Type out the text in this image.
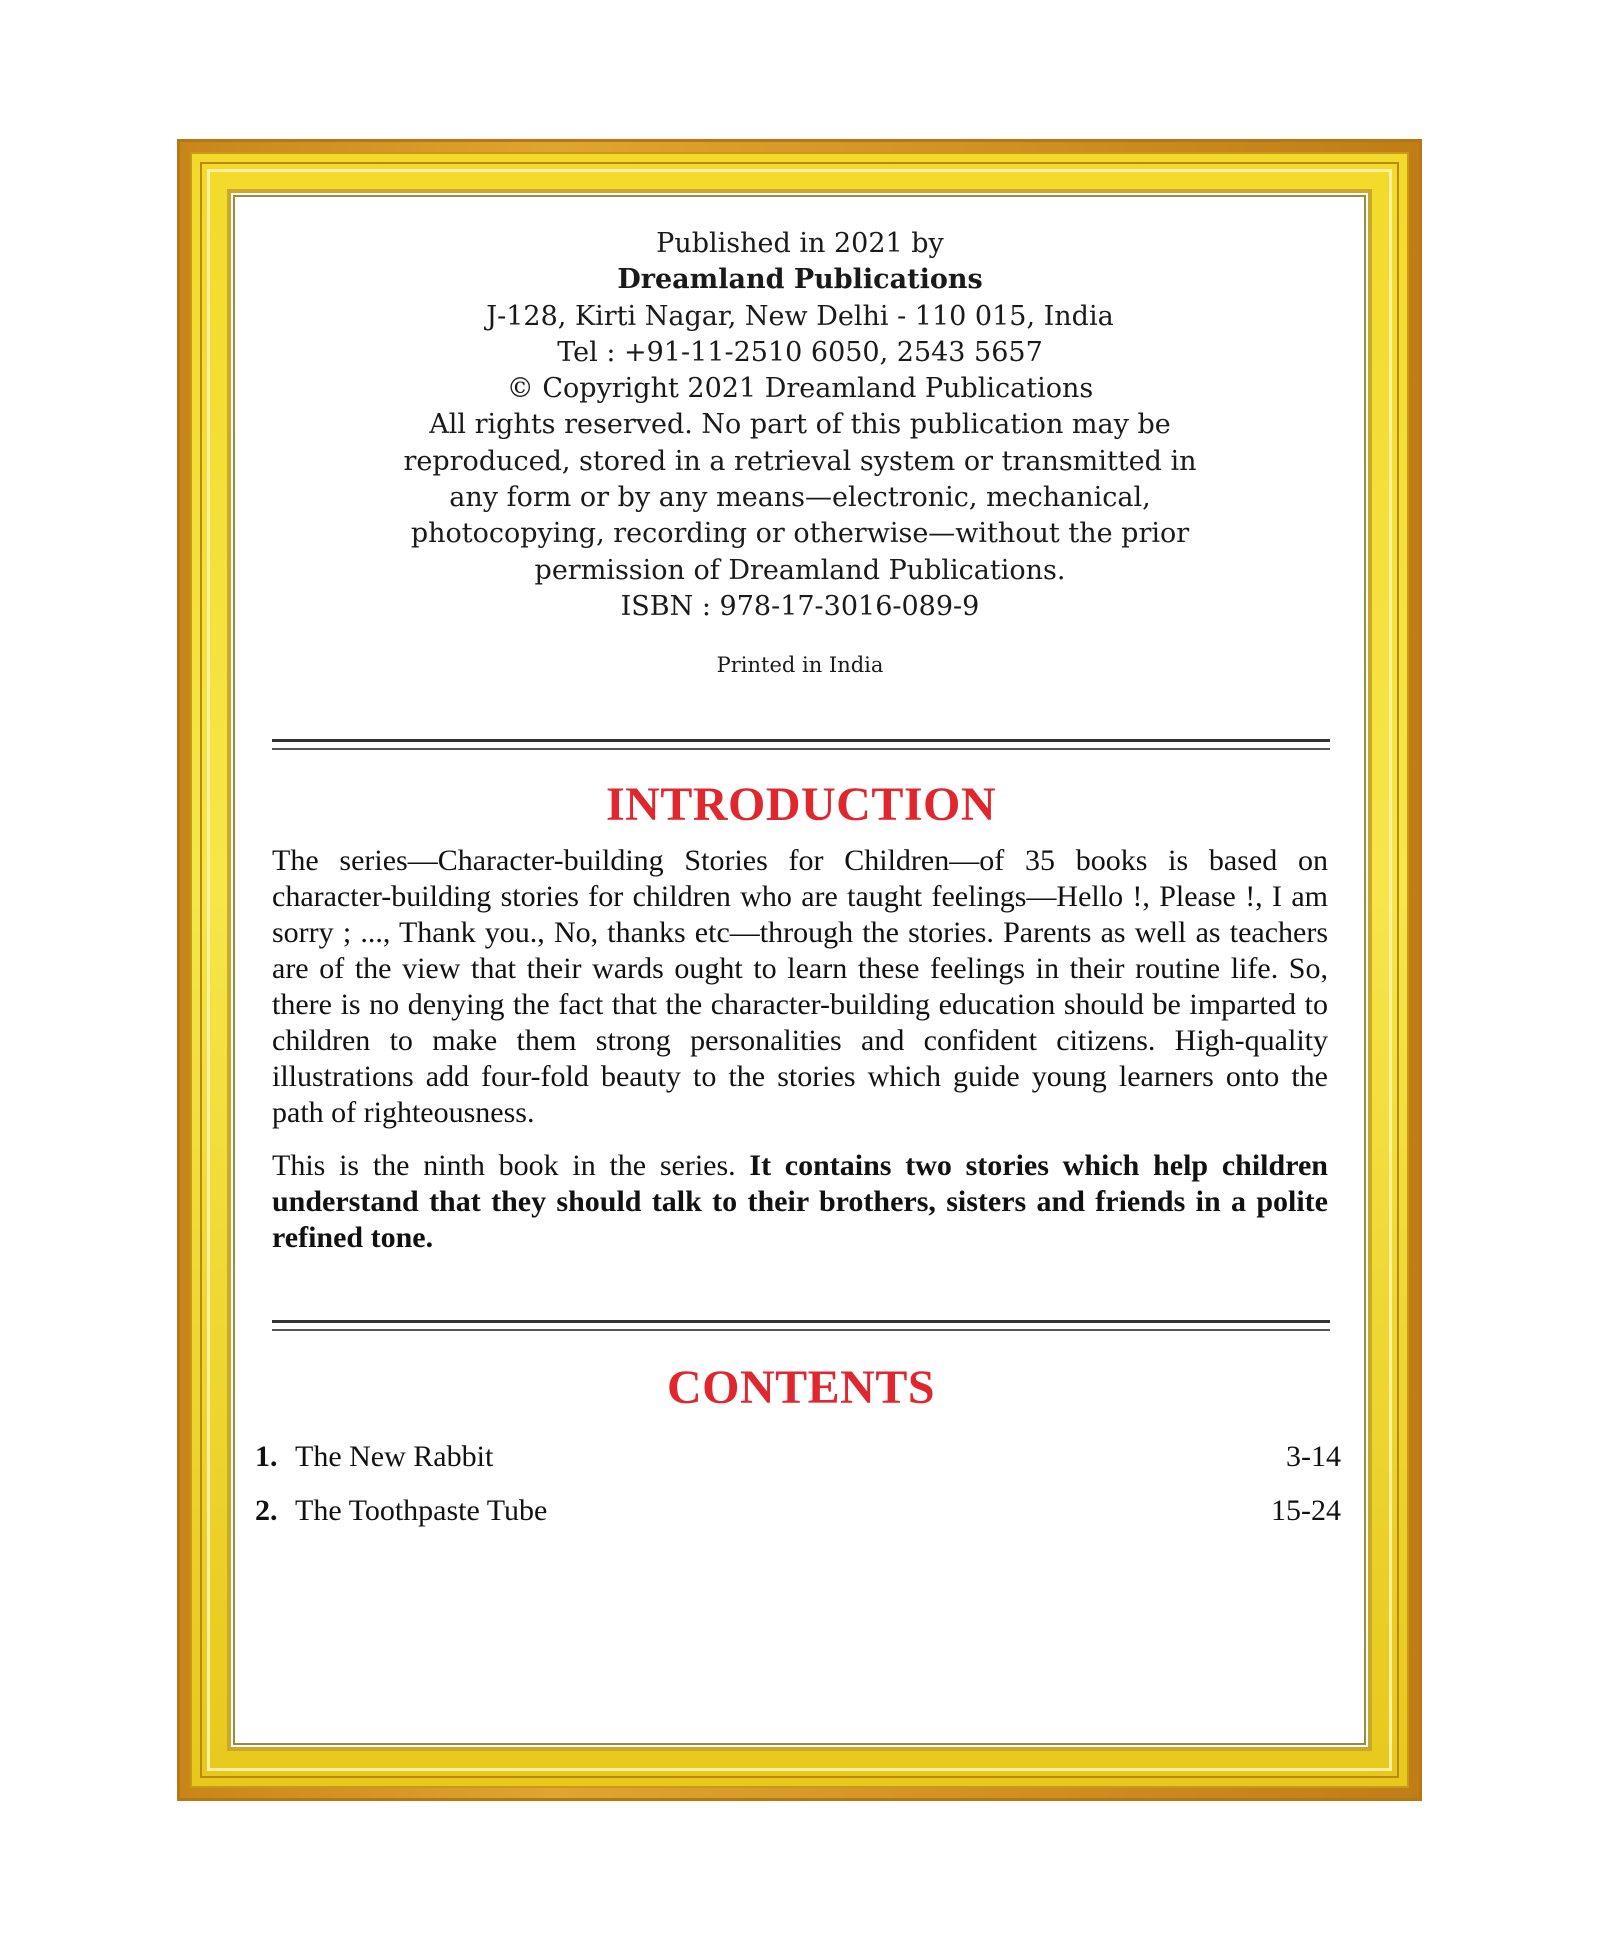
Published in 2021 by
Dreamland Publications
J-128, Kirti Nagar, New Delhi - 110 015, India
Tel : +91-11-2510 6050, 2543 5657
© Copyright 2021 Dreamland Publications
All rights reserved. No part of this publication may be
reproduced, stored in a retrieval system or transmitted in
any form or by any means—electronic, mechanical,
photocopying, recording or otherwise—without the prior
permission of Dreamland Publications.
ISBN : 978-17-3016-089-9
Printed in India
INTRODUCTION

The series—Character-building Stories for Children—of 35 books is based on character-building stories for children who are taught feelings—Hello !, Please !, I am sorry ; ..., Thank you., No, thanks etc—through the stories. Parents as well as teachers are of the view that their wards ought to learn these feelings in their routine life. So, there is no denying the fact that the character-building education should be imparted to children to make them strong personalities and confident citizens. High-quality illustrations add four-fold beauty to the stories which guide young learners onto the path of righteousness.

This is the ninth book in the series. It contains two stories which help children understand that they should talk to their brothers, sisters and friends in a polite refined tone.

CONTENTS
1. The New Rabbit	3-14
2. The Toothpaste Tube	15-24
